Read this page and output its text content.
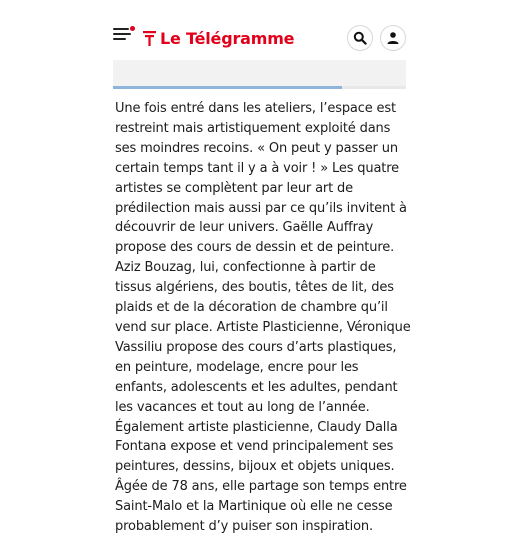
Le Télégramme

Une fois entré dans les ateliers, l’espace est restreint mais artistiquement exploité dans ses moindres recoins. « On peut y passer un certain temps tant il y a à voir ! » Les quatre artistes se complètent par leur art de prédilection mais aussi par ce qu’ils invitent à découvrir de leur univers. Gaëlle Auffray propose des cours de dessin et de peinture. Aziz Bouzag, lui, confectionne à partir de tissus algériens, des boutis, têtes de lit, des plaids et de la décoration de chambre qu’il vend sur place. Artiste Plasticienne, Véronique Vassiliu propose des cours d’arts plastiques, en peinture, modelage, encre pour les enfants, adolescents et les adultes, pendant les vacances et tout au long de l’année. Également artiste plasticienne, Claudy Dalla Fontana expose et vend principalement ses peintures, dessins, bijoux et objets uniques. Âgée de 78 ans, elle partage son temps entre Saint-Malo et la Martinique où elle ne cesse probablement d’y puiser son inspiration.
